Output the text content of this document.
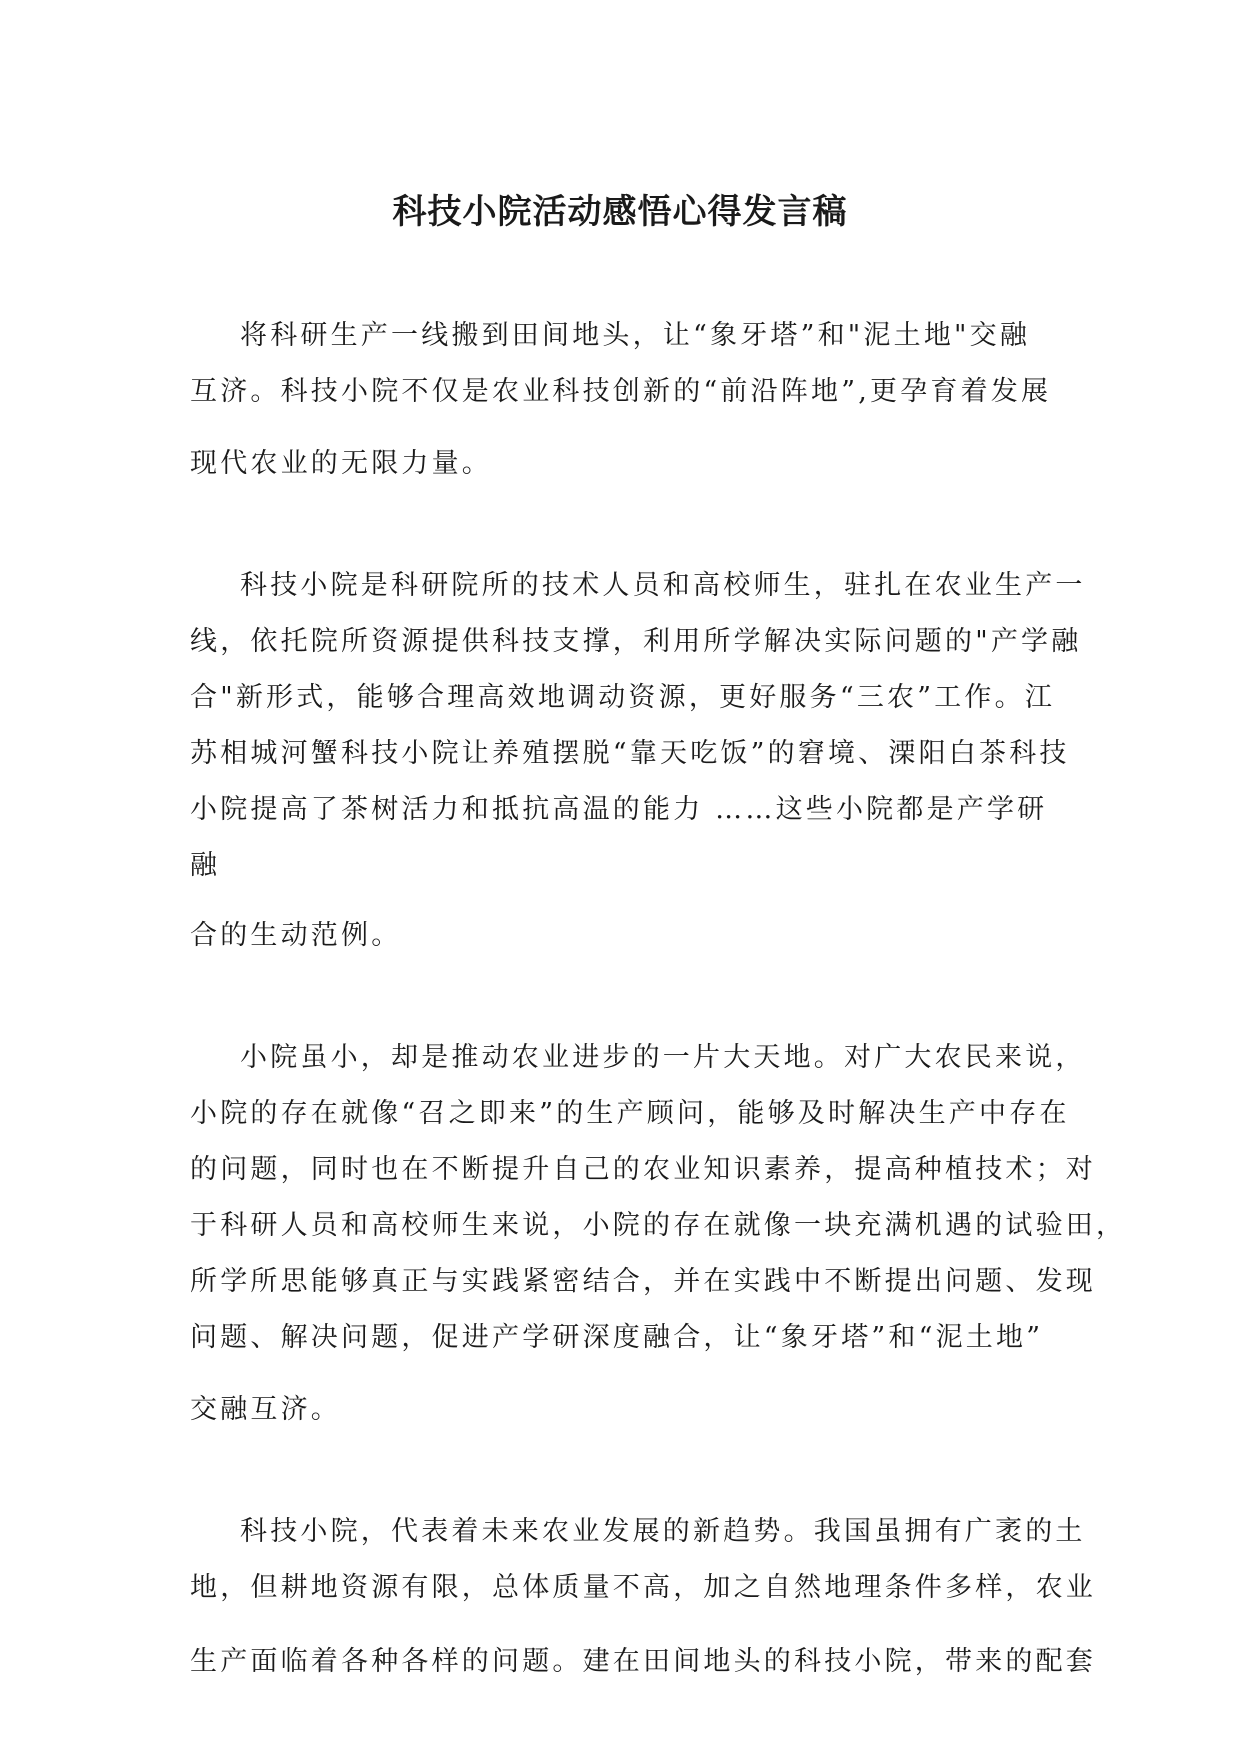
科技小院活动感悟心得发言稿

将科研生产一线搬到田间地头，让“象牙塔”和"泥土地"交融

互济。科技小院不仅是农业科技创新的“前沿阵地”,更孕育着发展

现代农业的无限力量。

科技小院是科研院所的技术人员和高校师生，驻扎在农业生产一

线，依托院所资源提供科技支撑，利用所学解决实际问题的"产学融

合"新形式，能够合理高效地调动资源，更好服务“三农”工作。江

苏相城河蟹科技小院让养殖摆脱“靠天吃饭”的窘境、溧阳白茶科技

小院提高了茶树活力和抵抗高温的能力 ……这些小院都是产学研

融

合的生动范例。

小院虽小，却是推动农业进步的一片大天地。对广大农民来说，

小院的存在就像“召之即来”的生产顾问，能够及时解决生产中存在

的问题，同时也在不断提升自己的农业知识素养，提高种植技术；对

于科研人员和高校师生来说，小院的存在就像一块充满机遇的试验田，

所学所思能够真正与实践紧密结合，并在实践中不断提出问题、发现

问题、解决问题，促进产学研深度融合，让“象牙塔”和“泥土地”

交融互济。

科技小院，代表着未来农业发展的新趋势。我国虽拥有广袤的土

地，但耕地资源有限，总体质量不高，加之自然地理条件多样，农业

生产面临着各种各样的问题。建在田间地头的科技小院，带来的配套
